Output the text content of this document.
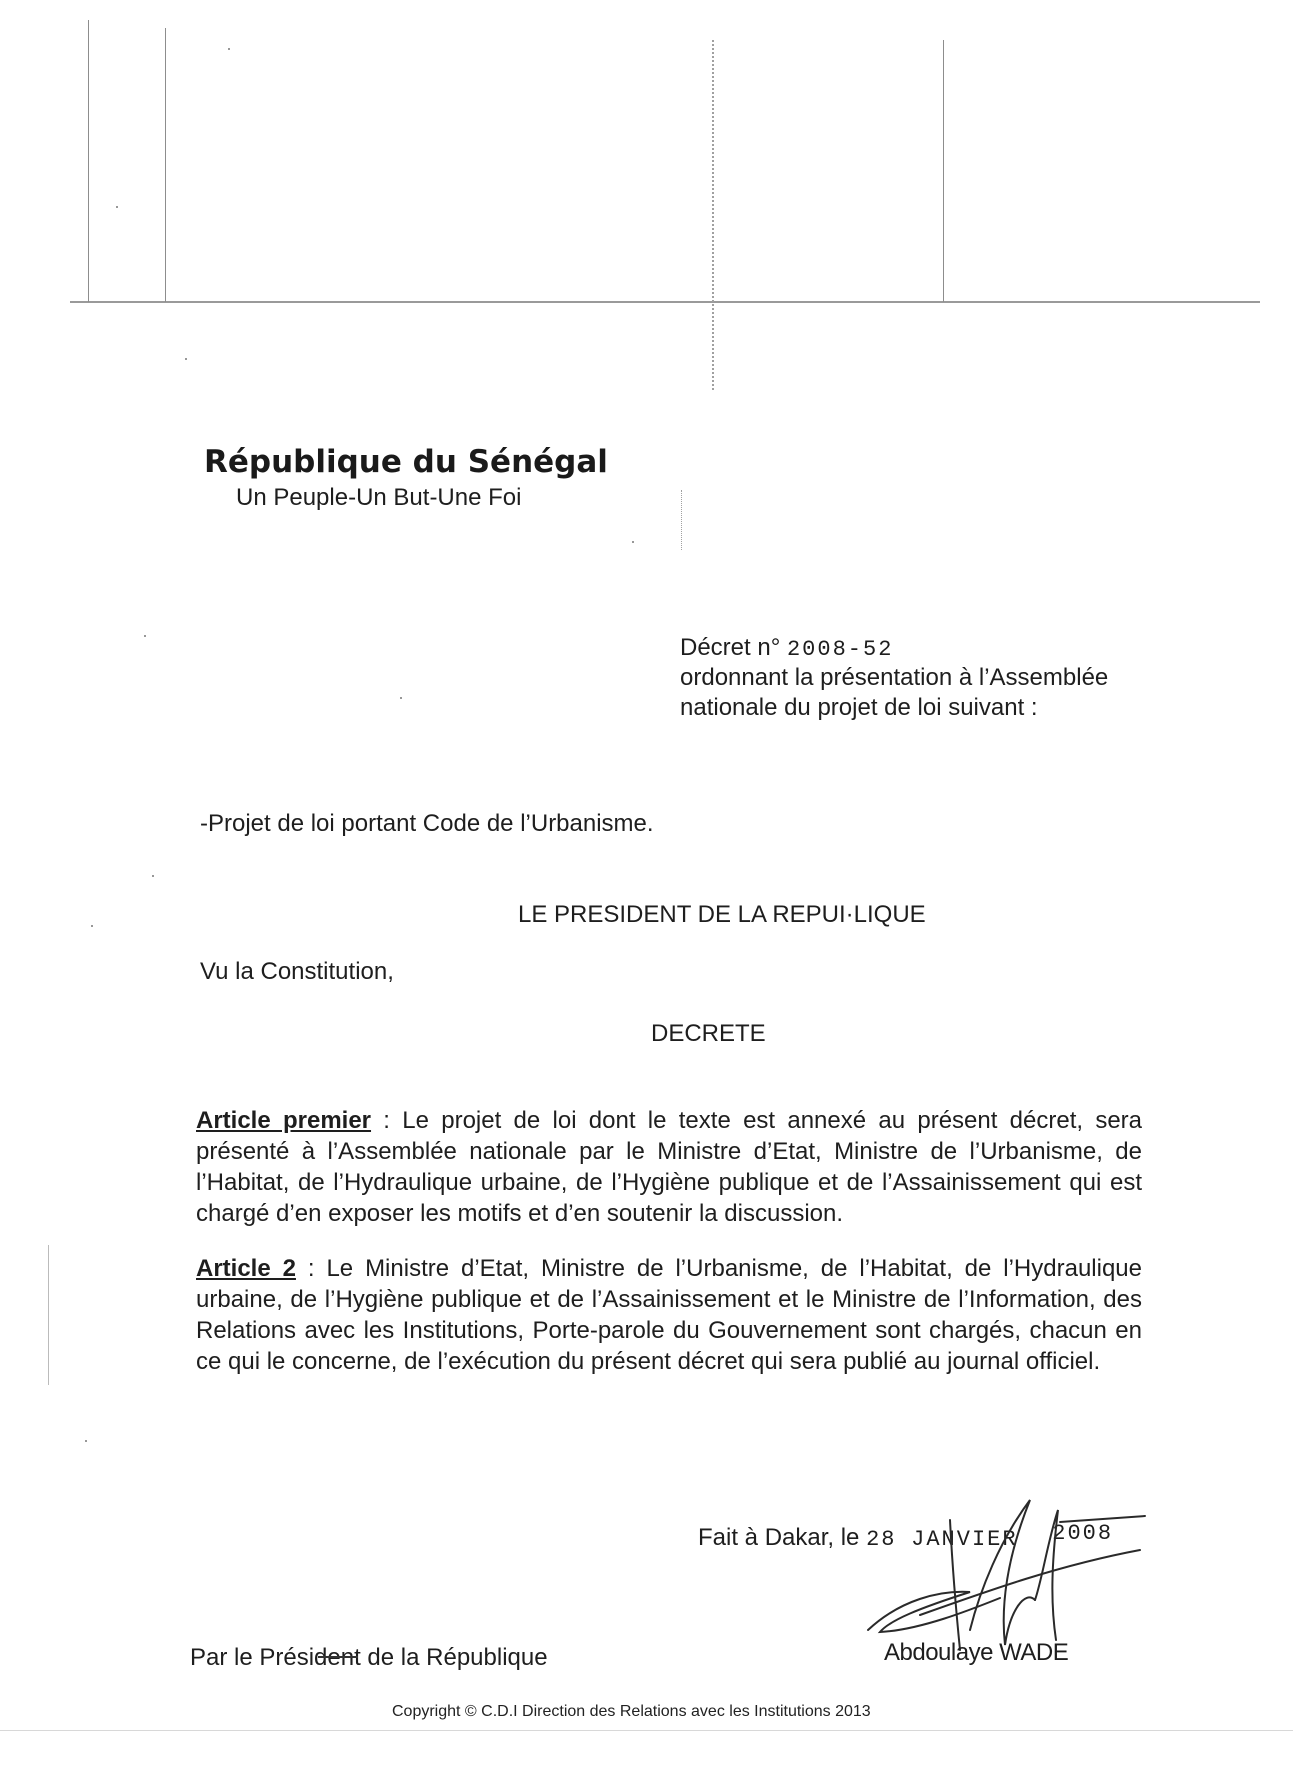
République du Sénégal
Un Peuple-Un But-Une Foi
Décret n° 2008-52
ordonnant la présentation à l’Assemblée
nationale du projet de loi suivant :
-Projet de loi portant Code de l’Urbanisme.
LE PRESIDENT DE LA REPUI·LIQUE
Vu la Constitution,
DECRETE
Article premier : Le projet de loi dont le texte est annexé au présent décret, sera présenté à l’Assemblée nationale par le Ministre d’Etat, Ministre de l’Urbanisme, de l’Habitat, de l’Hydraulique urbaine, de l’Hygiène publique et de l’Assainissement qui est chargé d’en exposer les motifs et d’en soutenir la discussion.
Article 2 : Le Ministre d’Etat, Ministre de l’Urbanisme, de l’Habitat, de l’Hydraulique urbaine, de l’Hygiène publique et de l’Assainissement et le Ministre de l’Information, des Relations avec les Institutions, Porte-parole du Gouvernement sont chargés, chacun en ce qui le concerne, de l’exécution du présent décret qui sera publié au journal officiel.
Fait à Dakar, le 28 JANVIER 2008
Abdoulaye WADE
Par le Président de la République
Copyright © C.D.I Direction des Relations avec les Institutions 2013
